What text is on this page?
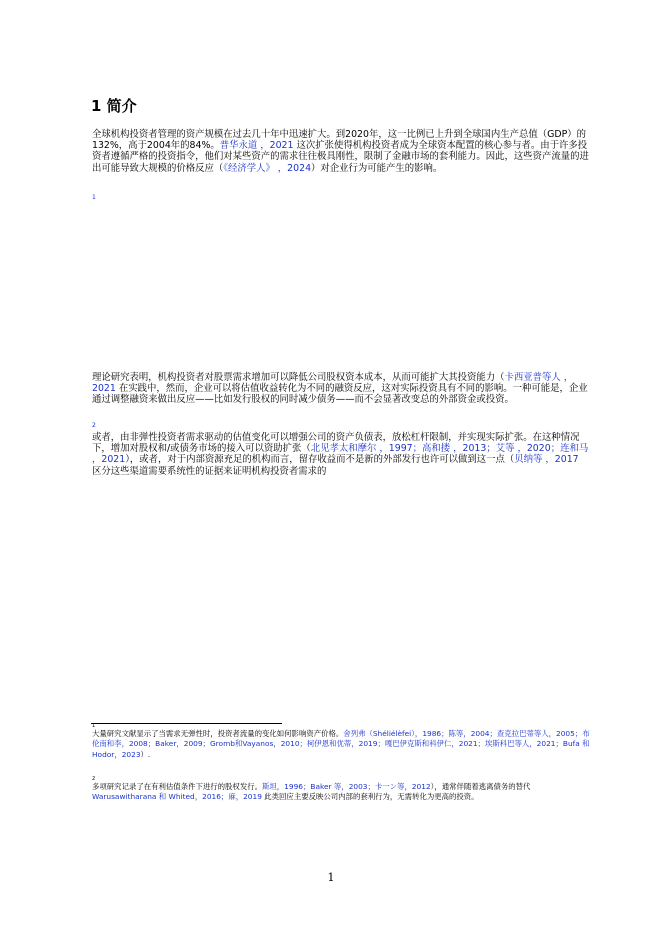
1 简介

全球机构投资者管理的资产规模在过去几十年中迅速扩大。到2020年，这一比例已上升到全球国内生产总值（GDP）的132%，高于2004年的84%。普华永道 ，2021 这次扩张使得机构投资者成为全球资本配置的核心参与者。由于许多投资者遵循严格的投资指令，他们对某些资产的需求往往极具刚性，限制了金融市场的套利能力。因此，这些资产流量的进出可能导致大规模的价格反应（《经济学人》 ，2024）对企业行为可能产生的影响。

1

理论研究表明，机构投资者对股票需求增加可以降低公司股权资本成本，从而可能扩大其投资能力（卡西亚普等人 ，2021 在实践中，然而，企业可以将估值收益转化为不同的融资反应，这对实际投资具有不同的影响。一种可能是，企业通过调整融资来做出反应——比如发行股权的同时减少债务——而不会显著改变总的外部资金或投资。

2

或者，由非弹性投资者需求驱动的估值变化可以增强公司的资产负债表，放松杠杆限制，并实现实际扩张。在这种情况下，增加对股权和/或债务市场的接入可以资助扩张（北见孝太和摩尔 ，1997；高和搂 ，2013；艾等 ，2020；连和马 ，2021），或者，对于内部资源充足的机构而言，留存收益而不是新的外部发行也许可以做到这一点（贝纳等 ，2017 区分这些渠道需要系统性的证据来证明机构投资者需求的

1
大量研究文献显示了当需求无弹性时，投资者流量的变化如何影响资产价格。舍列弗（Shéliélèfei），1986；陈等，2004；查克拉巴蒂等人，2005；布伦南和李，2008；Baker，2009；Gromb和Vayanos，2010；柯伊恩和优蒂，2019；嘎巴伊克斯和科伊仁，2021；埃斯科巴等人，2021；Bufa 和 Hodor，2023）.
2
多项研究记录了在有利估值条件下进行的股权发行。斯坦，1996；Baker 等，2003；卡一ン等，2012），通常伴随着逃离债务的替代Warusawitharana 和 Whited，2016；麻，2019 此类回应主要反映公司内部的套利行为，无需转化为更高的投资。
1
